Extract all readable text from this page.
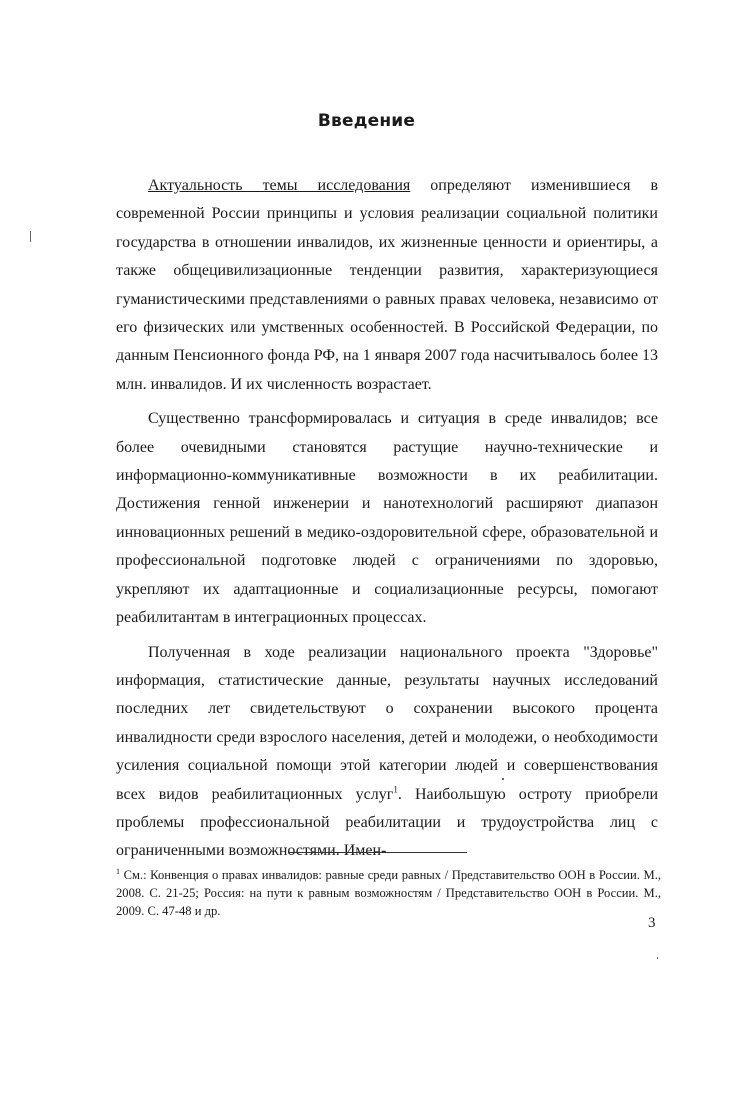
Введение

Актуальность темы исследования определяют изменившиеся в современной России принципы и условия реализации социальной политики государства в отношении инвалидов, их жизненные ценности и ориентиры, а также общецивилизационные тенденции развития, характеризующиеся гуманистическими представлениями о равных правах человека, независимо от его физических или умственных особенностей. В Российской Федерации, по данным Пенсионного фонда РФ, на 1 января 2007 года насчитывалось более 13 млн. инвалидов. И их численность возрастает.

Существенно трансформировалась и ситуация в среде инвалидов; все более очевидными становятся растущие научно-технические и информационно-коммуникативные возможности в их реабилитации. Достижения генной инженерии и нанотехнологий расширяют диапазон инновационных решений в медико-оздоровительной сфере, образовательной и профессиональной подготовке людей с ограничениями по здоровью, укрепляют их адаптационные и социализационные ресурсы, помогают реабилитантам в интеграционных процессах.

Полученная в ходе реализации национального проекта "Здоровье" информация, статистические данные, результаты научных исследований последних лет свидетельствуют о сохранении высокого процента инвалидности среди взрослого населения, детей и молодежи, о необходимости усиления социальной помощи этой категории людей и совершенствования всех видов реабилитационных услуг$^1$. Наибольшую остроту приобрели проблемы профессиональной реабилитации и трудоустройства лиц с ограниченными возможностями. Имен-

$^1$ См.: Конвенция о правах инвалидов: равные среди равных / Представительство ООН в России. М., 2008. С. 21-25; Россия: на пути к равным возможностям / Представительство ООН в России. М., 2009. С. 47-48 и др.
3
